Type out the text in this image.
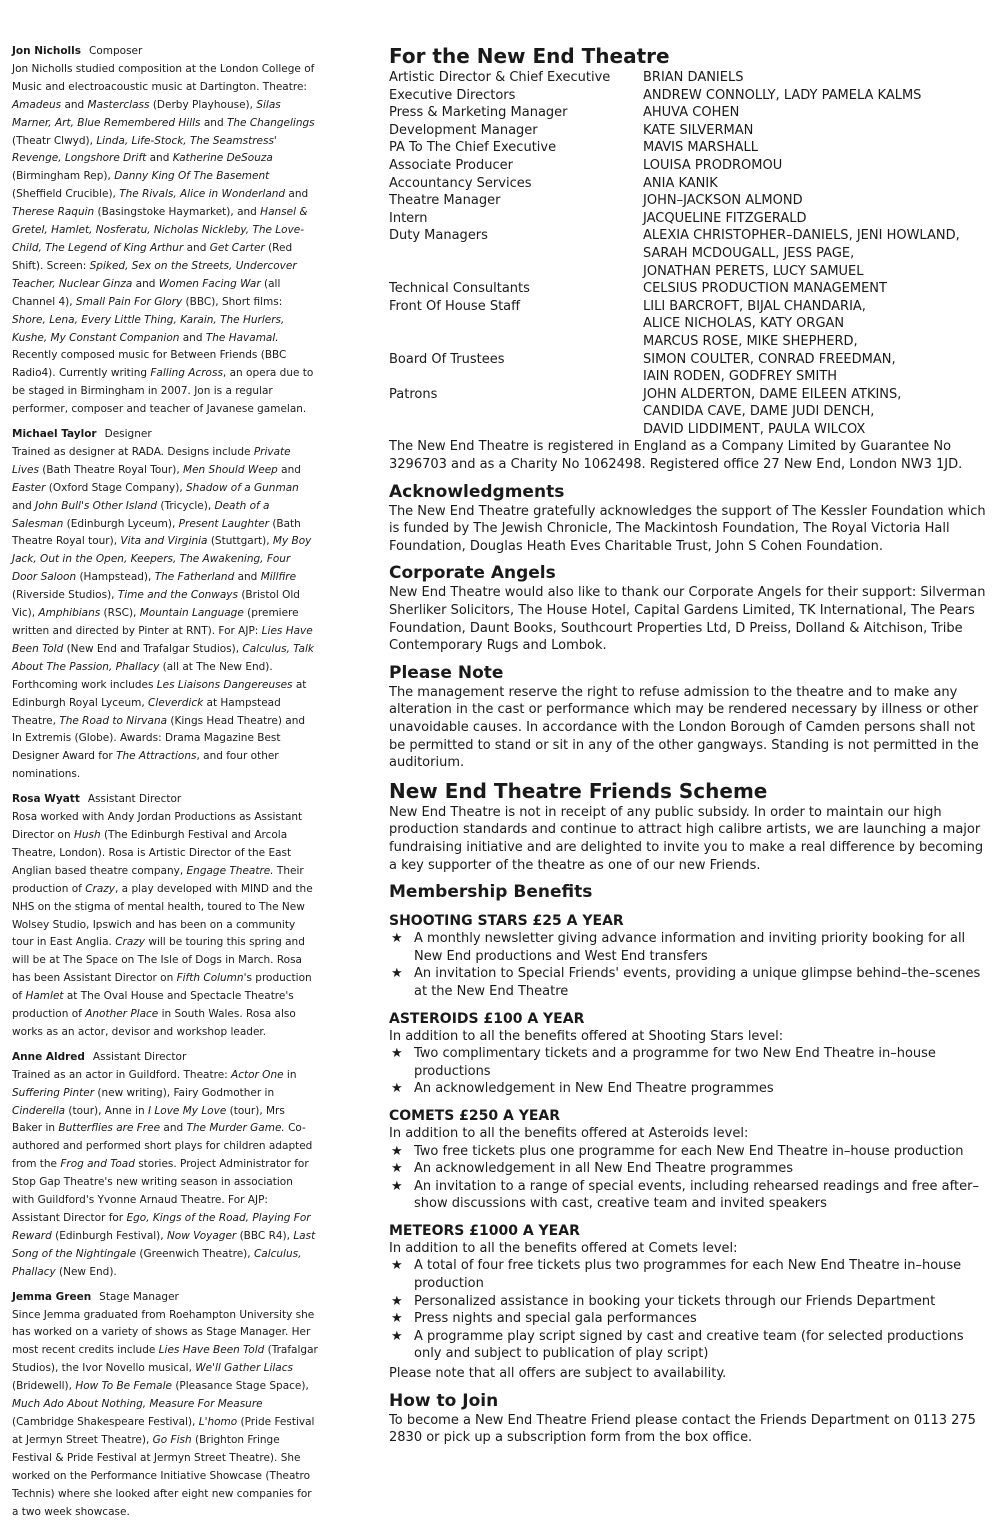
Jon Nicholls Composer
Jon Nicholls studied composition at the London College of Music and electroacoustic music at Dartington. Theatre: Amadeus and Masterclass (Derby Playhouse), Silas Marner, Art, Blue Remembered Hills and The Changelings (Theatr Clwyd), Linda, Life-Stock, The Seamstress' Revenge, Longshore Drift and Katherine DeSouza (Birmingham Rep), Danny King Of The Basement (Sheffield Crucible), The Rivals, Alice in Wonderland and Therese Raquin (Basingstoke Haymarket), and Hansel & Gretel, Hamlet, Nosferatu, Nicholas Nickleby, The Love-Child, The Legend of King Arthur and Get Carter (Red Shift). Screen: Spiked, Sex on the Streets, Undercover Teacher, Nuclear Ginza and Women Facing War (all Channel 4), Small Pain For Glory (BBC), Short films: Shore, Lena, Every Little Thing, Karain, The Hurlers, Kushe, My Constant Companion and The Havamal. Recently composed music for Between Friends (BBC Radio4). Currently writing Falling Across, an opera due to be staged in Birmingham in 2007. Jon is a regular performer, composer and teacher of Javanese gamelan.
Michael Taylor Designer
Trained as designer at RADA. Designs include Private Lives (Bath Theatre Royal Tour), Men Should Weep and Easter (Oxford Stage Company), Shadow of a Gunman and John Bull's Other Island (Tricycle), Death of a Salesman (Edinburgh Lyceum), Present Laughter (Bath Theatre Royal tour), Vita and Virginia (Stuttgart), My Boy Jack, Out in the Open, Keepers, The Awakening, Four Door Saloon (Hampstead), The Fatherland and Millfire (Riverside Studios), Time and the Conways (Bristol Old Vic), Amphibians (RSC), Mountain Language (premiere written and directed by Pinter at RNT). For AJP: Lies Have Been Told (New End and Trafalgar Studios), Calculus, Talk About The Passion, Phallacy (all at The New End). Forthcoming work includes Les Liaisons Dangereuses at Edinburgh Royal Lyceum, Cleverdick at Hampstead Theatre, The Road to Nirvana (Kings Head Theatre) and In Extremis (Globe). Awards: Drama Magazine Best Designer Award for The Attractions, and four other nominations.
Rosa Wyatt Assistant Director
Rosa worked with Andy Jordan Productions as Assistant Director on Hush (The Edinburgh Festival and Arcola Theatre, London). Rosa is Artistic Director of the East Anglian based theatre company, Engage Theatre. Their production of Crazy, a play developed with MIND and the NHS on the stigma of mental health, toured to The New Wolsey Studio, Ipswich and has been on a community tour in East Anglia. Crazy will be touring this spring and will be at The Space on The Isle of Dogs in March. Rosa has been Assistant Director on Fifth Column's production of Hamlet at The Oval House and Spectacle Theatre's production of Another Place in South Wales. Rosa also works as an actor, devisor and workshop leader.
Anne Aldred Assistant Director
Trained as an actor in Guildford. Theatre: Actor One in Suffering Pinter (new writing), Fairy Godmother in Cinderella (tour), Anne in I Love My Love (tour), Mrs Baker in Butterflies are Free and The Murder Game. Co-authored and performed short plays for children adapted from the Frog and Toad stories. Project Administrator for Stop Gap Theatre's new writing season in association with Guildford's Yvonne Arnaud Theatre. For AJP: Assistant Director for Ego, Kings of the Road, Playing For Reward (Edinburgh Festival), Now Voyager (BBC R4), Last Song of the Nightingale (Greenwich Theatre), Calculus, Phallacy (New End).
Jemma Green Stage Manager
Since Jemma graduated from Roehampton University she has worked on a variety of shows as Stage Manager. Her most recent credits include Lies Have Been Told (Trafalgar Studios), the Ivor Novello musical, We'll Gather Lilacs (Bridewell), How To Be Female (Pleasance Stage Space), Much Ado About Nothing, Measure For Measure (Cambridge Shakespeare Festival), L'homo (Pride Festival at Jermyn Street Theatre), Go Fish (Brighton Fringe Festival & Pride Festival at Jermyn Street Theatre). She worked on the Performance Initiative Showcase (Theatro Technis) where she looked after eight new companies for a two week showcase.
For the New End Theatre
Artistic Director & Chief Executive	BRIAN DANIELS
Executive Directors	ANDREW CONNOLLY, LADY PAMELA KALMS
Press & Marketing Manager	AHUVA COHEN
Development Manager	KATE SILVERMAN
PA To The Chief Executive	MAVIS MARSHALL
Associate Producer	LOUISA PRODROMOU
Accountancy Services	ANIA KANIK
Theatre Manager	JOHN–JACKSON ALMOND
Intern	JACQUELINE FITZGERALD
Duty Managers	ALEXIA CHRISTOPHER–DANIELS, JENI HOWLAND,
SARAH MCDOUGALL, JESS PAGE,
JONATHAN PERETS, LUCY SAMUEL
Technical Consultants	CELSIUS PRODUCTION MANAGEMENT
Front Of House Staff	LILI BARCROFT, BIJAL CHANDARIA,
ALICE NICHOLAS, KATY ORGAN
MARCUS ROSE, MIKE SHEPHERD,
Board Of Trustees	SIMON COULTER, CONRAD FREEDMAN,
IAIN RODEN, GODFREY SMITH
Patrons	JOHN ALDERTON, DAME EILEEN ATKINS,
CANDIDA CAVE, DAME JUDI DENCH,
DAVID LIDDIMENT, PAULA WILCOX

The New End Theatre is registered in England as a Company Limited by Guarantee No 3296703 and as a Charity No 1062498. Registered office 27 New End, London NW3 1JD.

Acknowledgments

The New End Theatre gratefully acknowledges the support of The Kessler Foundation which is funded by The Jewish Chronicle, The Mackintosh Foundation, The Royal Victoria Hall Foundation, Douglas Heath Eves Charitable Trust, John S Cohen Foundation.

Corporate Angels

New End Theatre would also like to thank our Corporate Angels for their support: Silverman Sherliker Solicitors, The House Hotel, Capital Gardens Limited, TK International, The Pears Foundation, Daunt Books, Southcourt Properties Ltd, D Preiss, Dolland & Aitchison, Tribe Contemporary Rugs and Lombok.

Please Note

The management reserve the right to refuse admission to the theatre and to make any alteration in the cast or performance which may be rendered necessary by illness or other unavoidable causes. In accordance with the London Borough of Camden persons shall not be permitted to stand or sit in any of the other gangways. Standing is not permitted in the auditorium.

New End Theatre Friends Scheme

New End Theatre is not in receipt of any public subsidy. In order to maintain our high production standards and continue to attract high calibre artists, we are launching a major fundraising initiative and are delighted to invite you to make a real difference by becoming a key supporter of the theatre as one of our new Friends.

Membership Benefits
SHOOTING STARS £25 A YEAR
★ A monthly newsletter giving advance information and inviting priority booking for all New End productions and West End transfers
★ An invitation to Special Friends' events, providing a unique glimpse behind–the–scenes at the New End Theatre
ASTEROIDS £100 A YEAR

In addition to all the benefits offered at Shooting Stars level:

★ Two complimentary tickets and a programme for two New End Theatre in–house productions
★ An acknowledgement in New End Theatre programmes
COMETS £250 A YEAR

In addition to all the benefits offered at Asteroids level:

★ Two free tickets plus one programme for each New End Theatre in–house production
★ An acknowledgement in all New End Theatre programmes
★ An invitation to a range of special events, including rehearsed readings and free after–show discussions with cast, creative team and invited speakers
METEORS £1000 A YEAR

In addition to all the benefits offered at Comets level:

★ A total of four free tickets plus two programmes for each New End Theatre in–house production
★ Personalized assistance in booking your tickets through our Friends Department
★ Press nights and special gala performances
★ A programme play script signed by cast and creative team (for selected productions only and subject to publication of play script)

Please note that all offers are subject to availability.

How to Join

To become a New End Theatre Friend please contact the Friends Department on 0113 275 2830 or pick up a subscription form from the box office.
